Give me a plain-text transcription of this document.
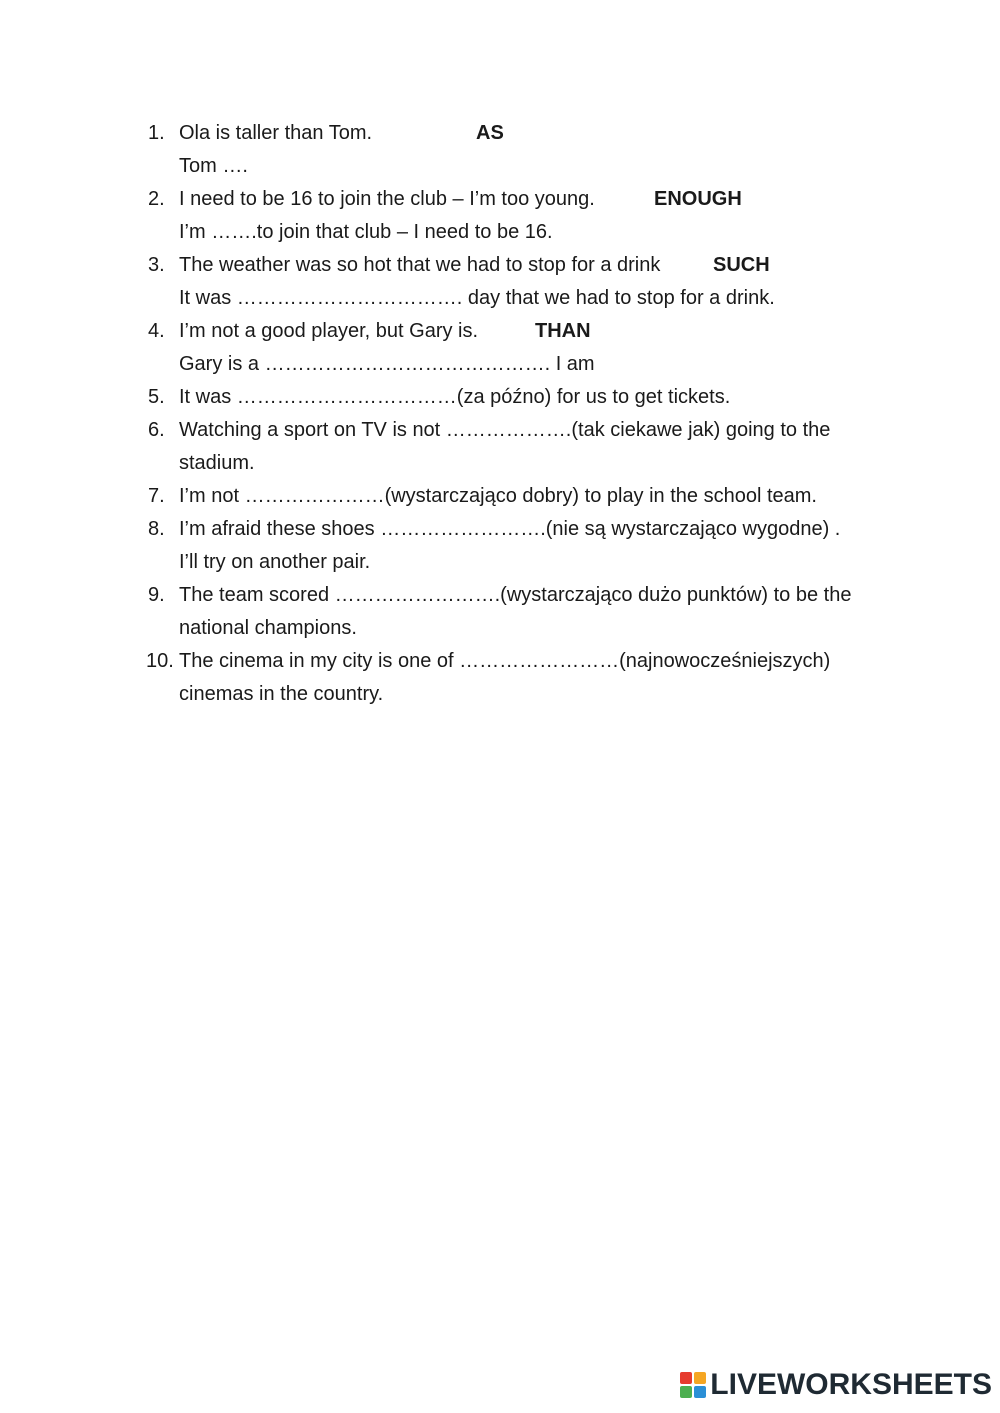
1. Ola is taller than Tom.	AS
Tom ….
2. I need to be 16 to join the club – I’m too young.	ENOUGH
I’m …….to join that club – I need to be 16.
3. The weather was so hot that we had to stop for a drink	SUCH
It was ……………………………. day that we had to stop for a drink.
4. I’m not a good player, but Gary is.	THAN
Gary is a ……………………………………. I am
5. It was ……………………………(za późno) for us to get tickets.
6. Watching a sport on TV is not ……………….(tak ciekawe jak) going to the
stadium.
7. I’m not …………………(wystarczająco dobry) to play in the school team.
8. I’m afraid these shoes …………………….(nie są wystarczająco wygodne) .
I’ll try on another pair.
9. The team scored …………………….(wystarczająco dużo punktów) to be the
national champions.
10. The cinema in my city is one of ……………………(najnowocześniejszych)
cinemas in the country.
LIVEWORKSHEETS
